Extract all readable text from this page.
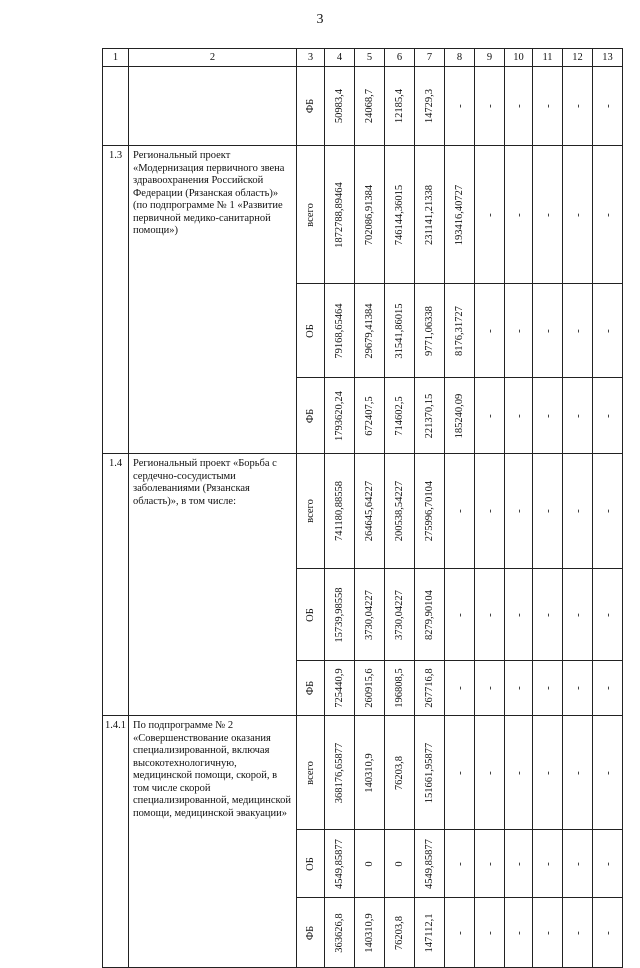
3
1	2	3	4	5	6	7	8	9	10	11	12	13

		ФБ	50983,4	24068,7	12185,4	14729,3	-	-	-	-	-	-

1.3	Региональный проект «Модернизация первичного звена здравоохранения Российской Федерации (Рязанская область)» (по подпрограмме № 1 «Развитие первичной медико-санитарной помощи»)	всего	1872788,89464	702086,91384	746144,36015	231141,21338	193416,40727	-	-	-	-	-

		ОБ	79168,65464	29679,41384	31541,86015	9771,06338	8176,31727	-	-	-	-	-

		ФБ	1793620,24	672407,5	714602,5	221370,15	185240,09	-	-	-	-	-

1.4	Региональный проект «Борьба с сердечно-сосудистыми заболеваниями (Рязанская область)», в том числе:	всего	741180,88558	264645,64227	200538,54227	275996,70104	-	-	-	-	-	-

		ОБ	15739,98558	3730,04227	3730,04227	8279,90104	-	-	-	-	-	-

		ФБ	725440,9	260915,6	196808,5	267716,8	-	-	-	-	-	-

1.4.1	По подпрограмме № 2 «Совершенствование оказания специализированной, включая высокотехнологичную, медицинской помощи, скорой, в том числе скорой специализированной, медицинской помощи, медицинской эвакуации»	всего	368176,65877	140310,9	76203,8	151661,95877	-	-	-	-	-	-

		ОБ	4549,85877	0	0	4549,85877	-	-	-	-	-	-

		ФБ	363626,8	140310,9	76203,8	147112,1	-	-	-	-	-	-
